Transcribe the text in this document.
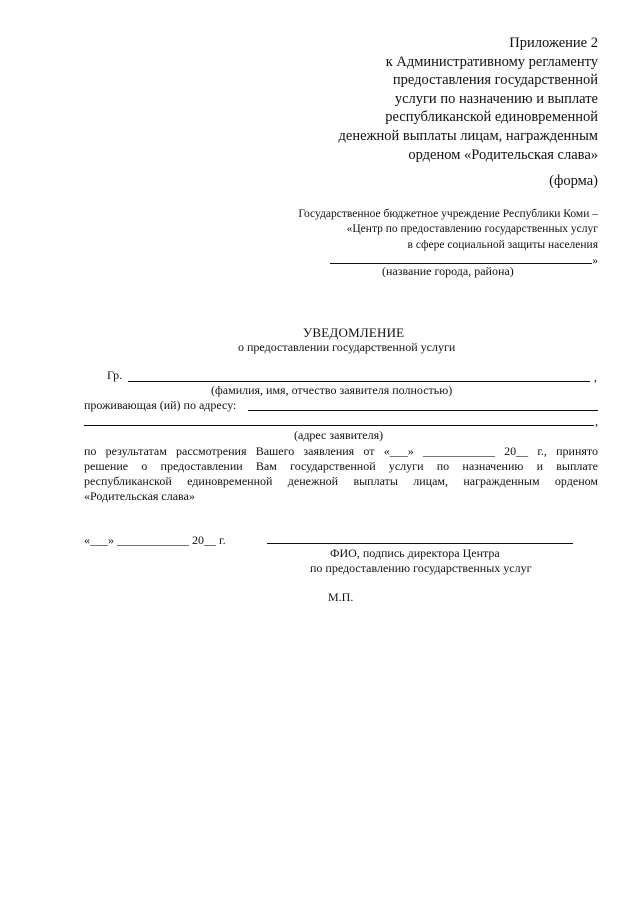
Приложение 2
к Административному регламенту
предоставления государственной
услуги по назначению и выплате
республиканской единовременной
денежной выплаты лицам, награжденным
орденом «Родительская слава»
(форма)
Государственное бюджетное учреждение Республики Коми –
«Центр по предоставлению государственных услуг
в сфере социальной защиты населения
»
(название города, района)
УВЕДОМЛЕНИЕ
о предоставлении государственной услуги
Гр.	,
(фамилия, имя, отчество заявителя полностью)
проживающая (ий) по адресу:
,
(адрес заявителя)
по результатам рассмотрения Вашего заявления от «___» ____________ 20__ г., принято
решение о предоставлении Вам государственной услуги по назначению и выплате
республиканской единовременной денежной выплаты лицам, награжденным орденом
«Родительская слава»
«___» ____________ 20__ г.
ФИО, подпись директора Центра
по предоставлению государственных услуг
М.П.
